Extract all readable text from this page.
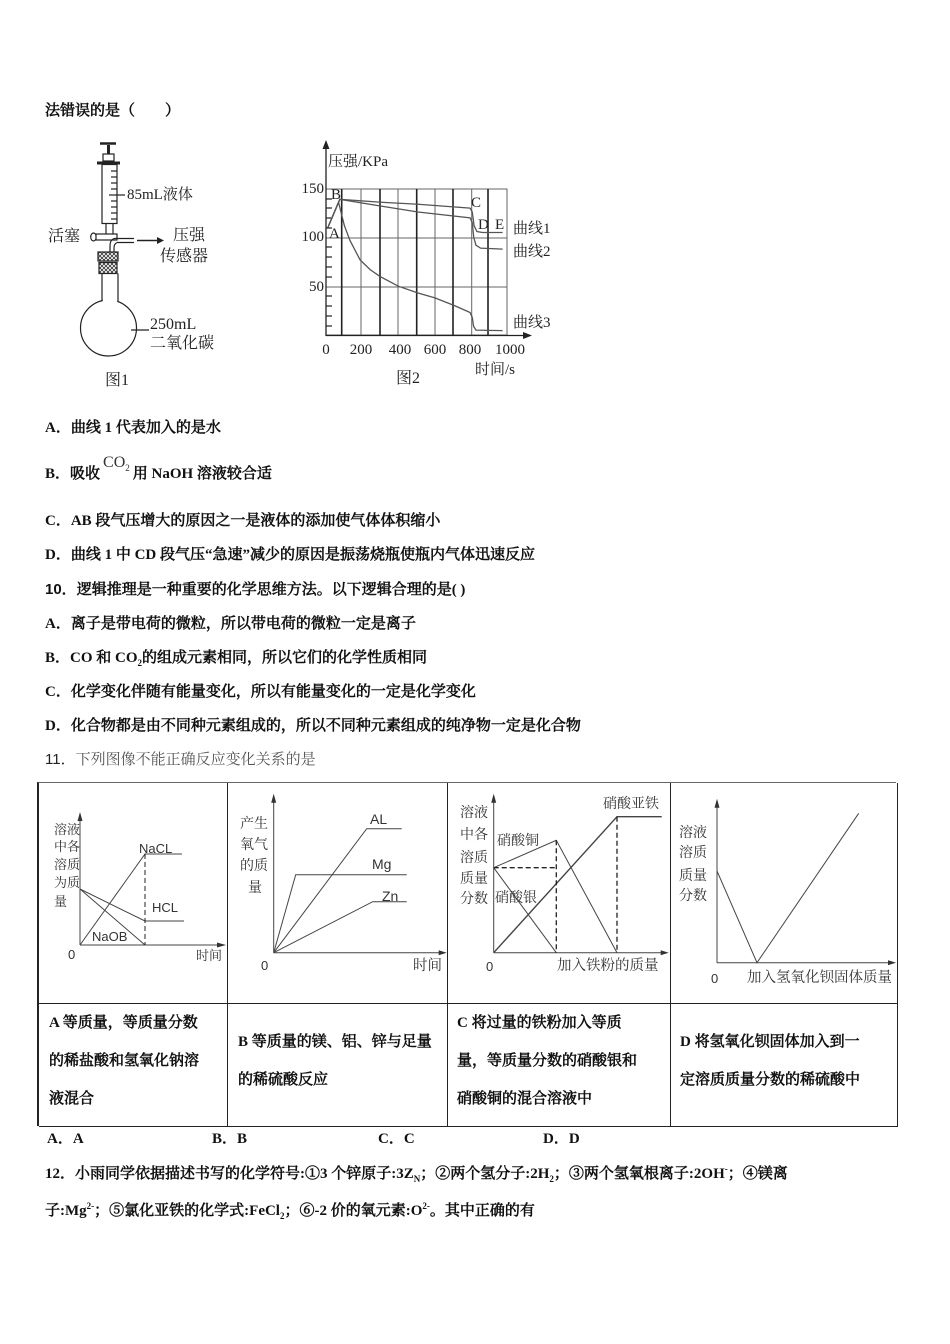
法错误的是（　　）
85mL液体
活塞	压强
传感器
250mL
二氧化碳
图1
压强/KPa
150
100
50
A
B	C
D E 曲线1
曲线2
曲线3
0	200	400 600 800 1000
时间/s
图2
A．曲线 1 代表加入的是水
B．吸收$CO_2$ 用 NaOH 溶液较合适
C．AB 段气压增大的原因之一是液体的添加使气体体积缩小
D．曲线 1 中 CD 段气压“急速”减少的原因是振荡烧瓶使瓶内气体迅速反应
10．逻辑推理是一种重要的化学思维方法。以下逻辑合理的是( )
A．离子是带电荷的微粒，所以带电荷的微粒一定是离子
B．CO 和 $CO_2$的组成元素相同，所以它们的化学性质相同
C．化学变化伴随有能量变化，所以有能量变化的一定是化学变化
D．化合物都是由不同种元素组成的，所以不同种元素组成的纯净物一定是化合物
11．下列图像不能正确反应变化关系的是
溶液
中各
溶质
为质
量
NaCL
HCL
NaOB
0	时间
产生
氧气
的质
量
AL
Mg
Zn
0	时间
溶液
中各
溶质
质量
分数
硝酸铜
硝酸银
硝酸亚铁
0	加入铁粉的质量
溶液
溶质
质量
分数
0 加入氢氧化钡固体质量
A 等质量，等质量分数
的稀盐酸和氢氧化钠溶
液混合
B 等质量的镁、铝、锌与足量
的稀硫酸反应
C 将过量的铁粉加入等质
量，等质量分数的硝酸银和
硝酸铜的混合溶液中
D 将氢氧化钡固体加入到一
定溶质质量分数的稀硫酸中
A．A	B．B	C．C	D．D
12．小雨同学依据描述书写的化学符号:①3 个锌原子$:3Z_N$；②两个氢分子$:2H_2$；③两个氢氧根离子:2OH-；④镁离
子$:Mg^{2-}$；⑤氯化亚铁的化学式:FeCl$_2$；⑥-2 价的氧元素$:O^{2-}$。其中正确的有
